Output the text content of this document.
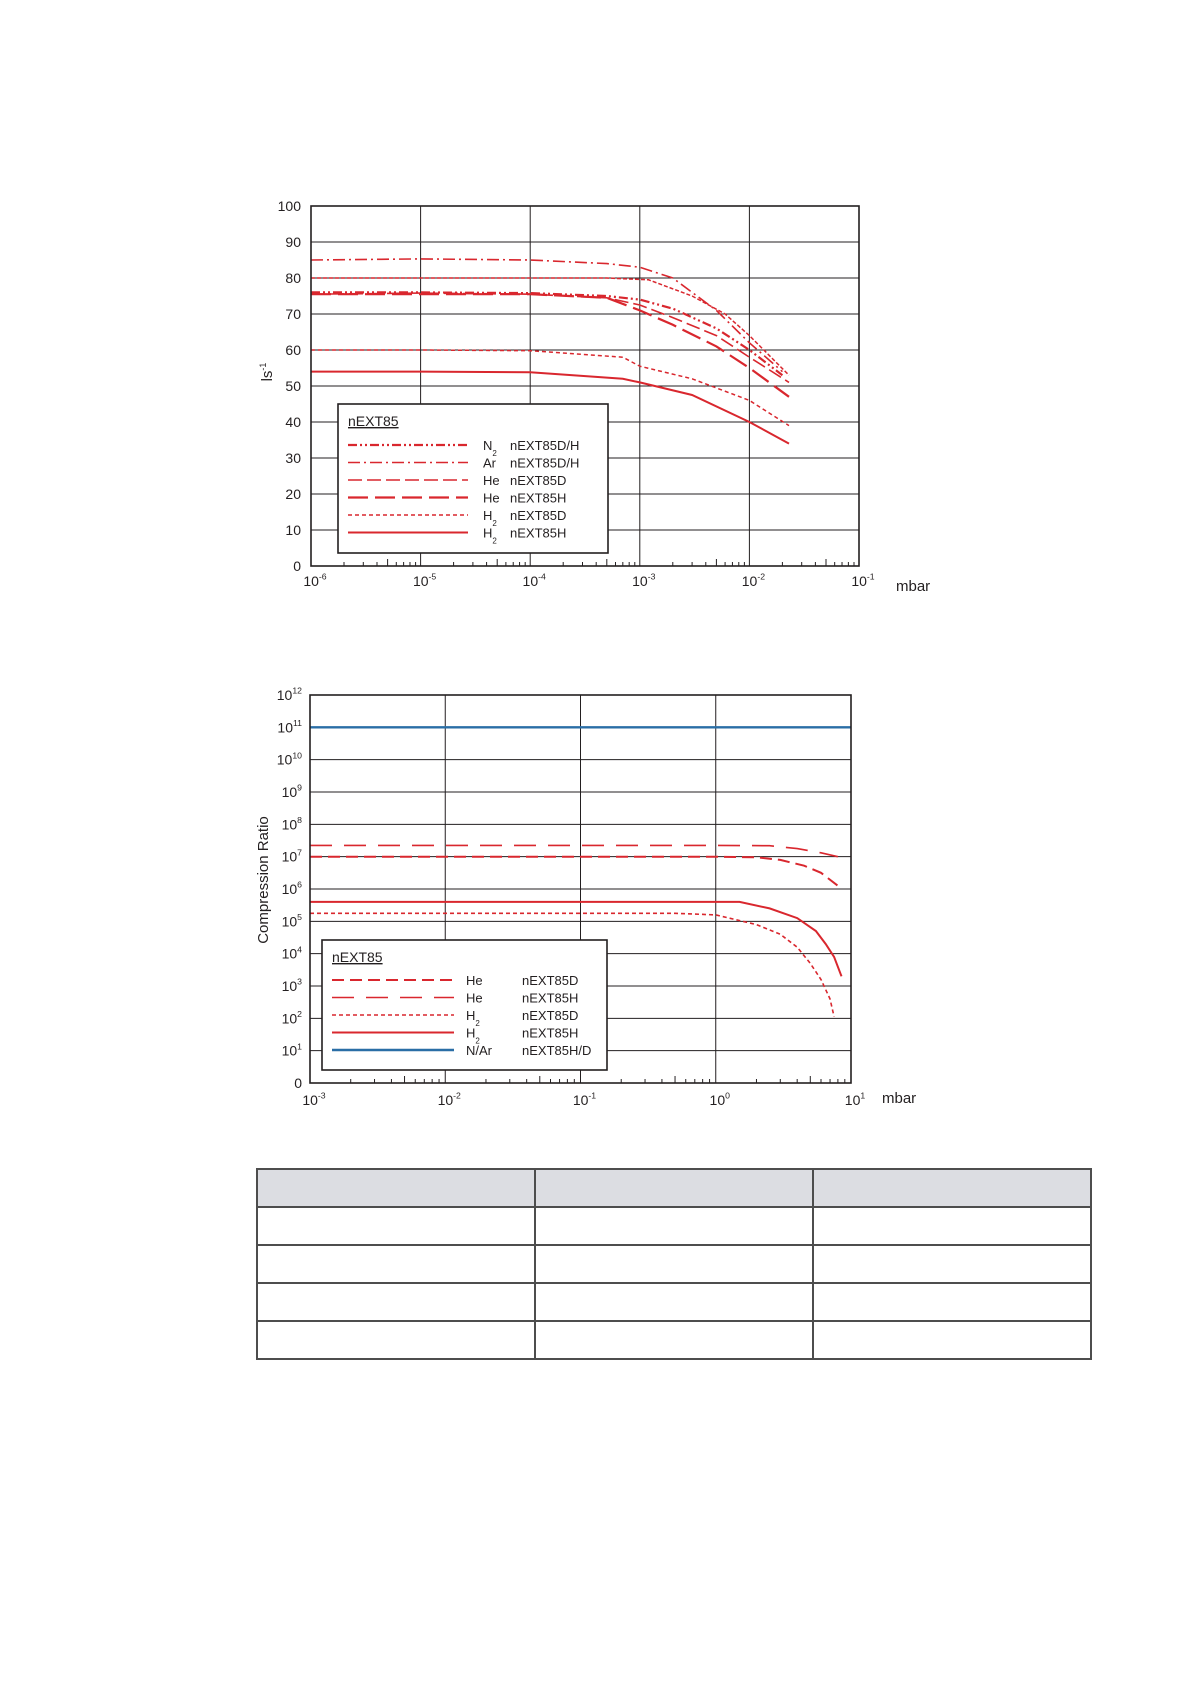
0
10
20
30
40
50
60
70
80
90
100
$10^{-6}$	$10^{-5}$	$10^{-4}$	$10^{-3}$	$10^{-2}$	$10^{-1}$
$ls^{-1}$
mbar
nEXT85
$N_2$
nEXT85D/H
Ar nEXT85D/H
He nEXT85D
He nEXT85H
$H_2$
nEXT85D
$H_2$
nEXT85H
0
$10^1$
$10^2$
$10^3$
$10^4$
$10^5$
$10^6$
$10^7$
$10^8$
$10^9$
$10^{10}$
$10^{11}$
$10^{12}$
$10^{-3}$	$10^{-2}$	$10^{-1}$	$10^0$	$10^1$
Compression Ratio
mbar
nEXT85
He	nEXT85D
He	nEXT85H
$H_2$
nEXT85D
$H_2$
nEXT85H
N/Ar nEXT85H/D
